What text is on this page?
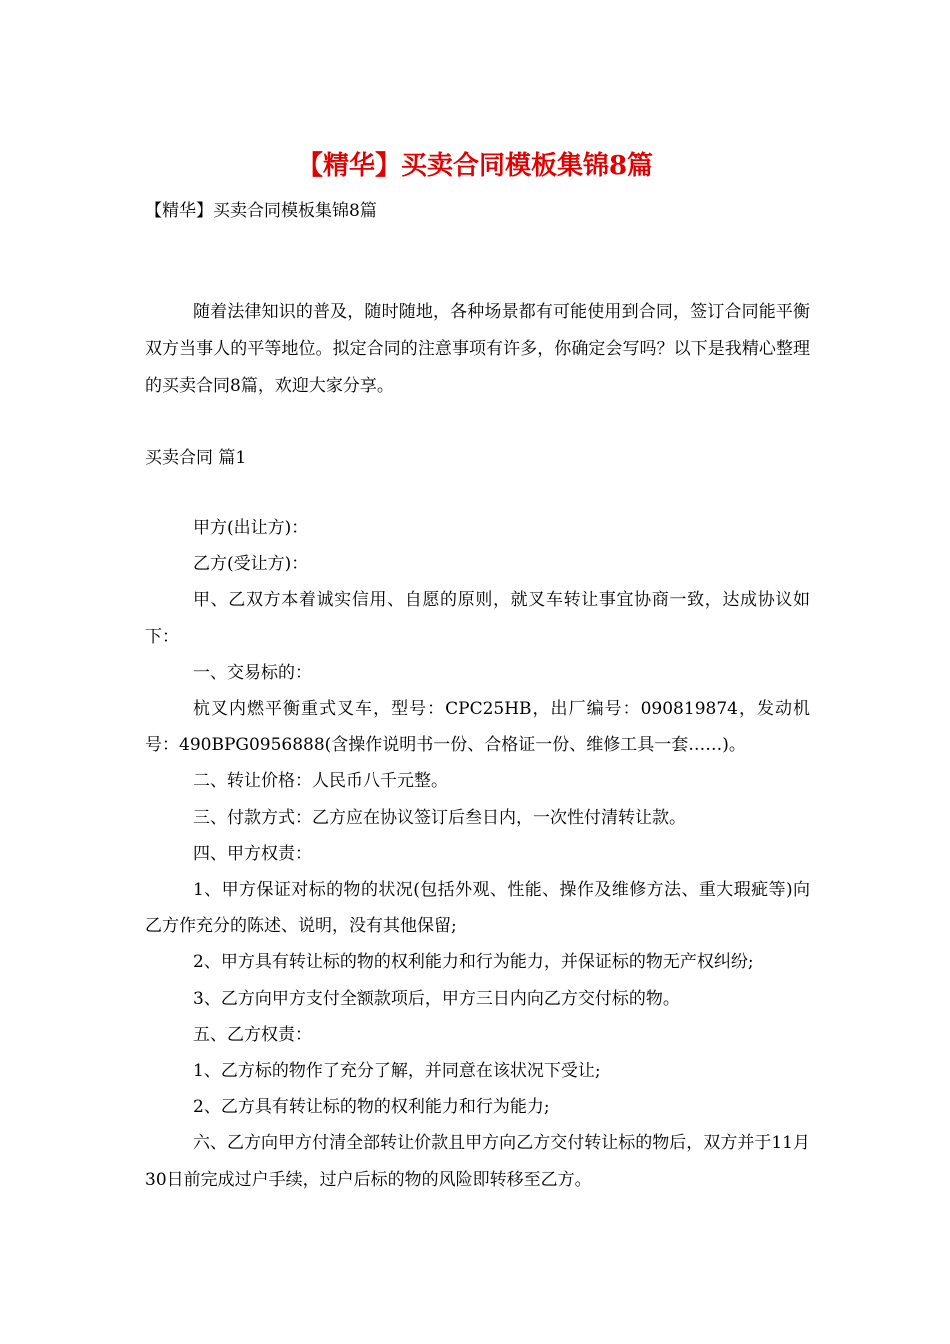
【精华】买卖合同模板集锦8篇
【精华】买卖合同模板集锦8篇

随着法律知识的普及，随时随地，各种场景都有可能使用到合同，签订合同能平衡双方当事人的平等地位。拟定合同的注意事项有许多，你确定会写吗？以下是我精心整理的买卖合同8篇，欢迎大家分享。

买卖合同 篇1

甲方(出让方)：

乙方(受让方)：

甲、乙双方本着诚实信用、自愿的原则，就叉车转让事宜协商一致，达成协议如下：

一、交易标的：

杭叉内燃平衡重式叉车，型号：CPC25HB，出厂编号：090819874，发动机号：490BPG0956888(含操作说明书一份、合格证一份、维修工具一套……)。

二、转让价格：人民币八千元整。

三、付款方式：乙方应在协议签订后叁日内，一次性付清转让款。

四、甲方权责：

1、甲方保证对标的物的状况(包括外观、性能、操作及维修方法、重大瑕疵等)向乙方作充分的陈述、说明，没有其他保留;

2、甲方具有转让标的物的权利能力和行为能力，并保证标的物无产权纠纷;

3、乙方向甲方支付全额款项后，甲方三日内向乙方交付标的物。

五、乙方权责：

1、乙方标的物作了充分了解，并同意在该状况下受让;

2、乙方具有转让标的物的权利能力和行为能力;

六、乙方向甲方付清全部转让价款且甲方向乙方交付转让标的物后，双方并于11月30日前完成过户手续，过户后标的物的风险即转移至乙方。
